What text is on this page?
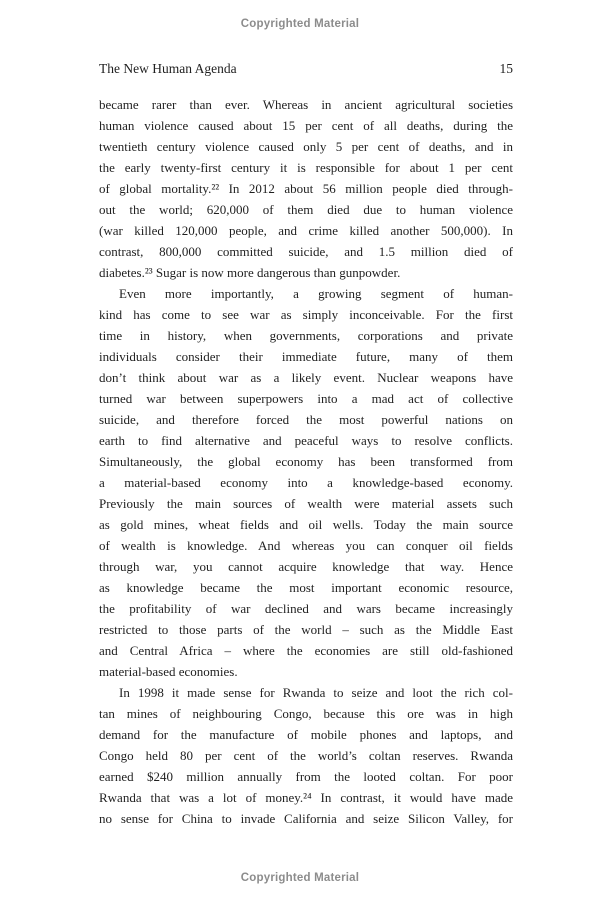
Copyrighted Material
The New Human Agenda	15
became rarer than ever. Whereas in ancient agricultural societies
human violence caused about 15 per cent of all deaths, during the
twentieth century violence caused only 5 per cent of deaths, and in
the early twenty-first century it is responsible for about 1 per cent
of global mortality.²² In 2012 about 56 million people died through-
out the world; 620,000 of them died due to human violence
(war killed 120,000 people, and crime killed another 500,000). In
contrast, 800,000 committed suicide, and 1.5 million died of
diabetes.²³ Sugar is now more dangerous than gunpowder.
Even more importantly, a growing segment of human-
kind has come to see war as simply inconceivable. For the first
time in history, when governments, corporations and private
individuals consider their immediate future, many of them
don’t think about war as a likely event. Nuclear weapons have
turned war between superpowers into a mad act of collective
suicide, and therefore forced the most powerful nations on
earth to find alternative and peaceful ways to resolve conflicts.
Simultaneously, the global economy has been transformed from
a material-based economy into a knowledge-based economy.
Previously the main sources of wealth were material assets such
as gold mines, wheat fields and oil wells. Today the main source
of wealth is knowledge. And whereas you can conquer oil fields
through war, you cannot acquire knowledge that way. Hence
as knowledge became the most important economic resource,
the profitability of war declined and wars became increasingly
restricted to those parts of the world – such as the Middle East
and Central Africa – where the economies are still old-fashioned
material-based economies.
In 1998 it made sense for Rwanda to seize and loot the rich col-
tan mines of neighbouring Congo, because this ore was in high
demand for the manufacture of mobile phones and laptops, and
Congo held 80 per cent of the world’s coltan reserves. Rwanda
earned $240 million annually from the looted coltan. For poor
Rwanda that was a lot of money.²⁴ In contrast, it would have made
no sense for China to invade California and seize Silicon Valley, for
Copyrighted Material
